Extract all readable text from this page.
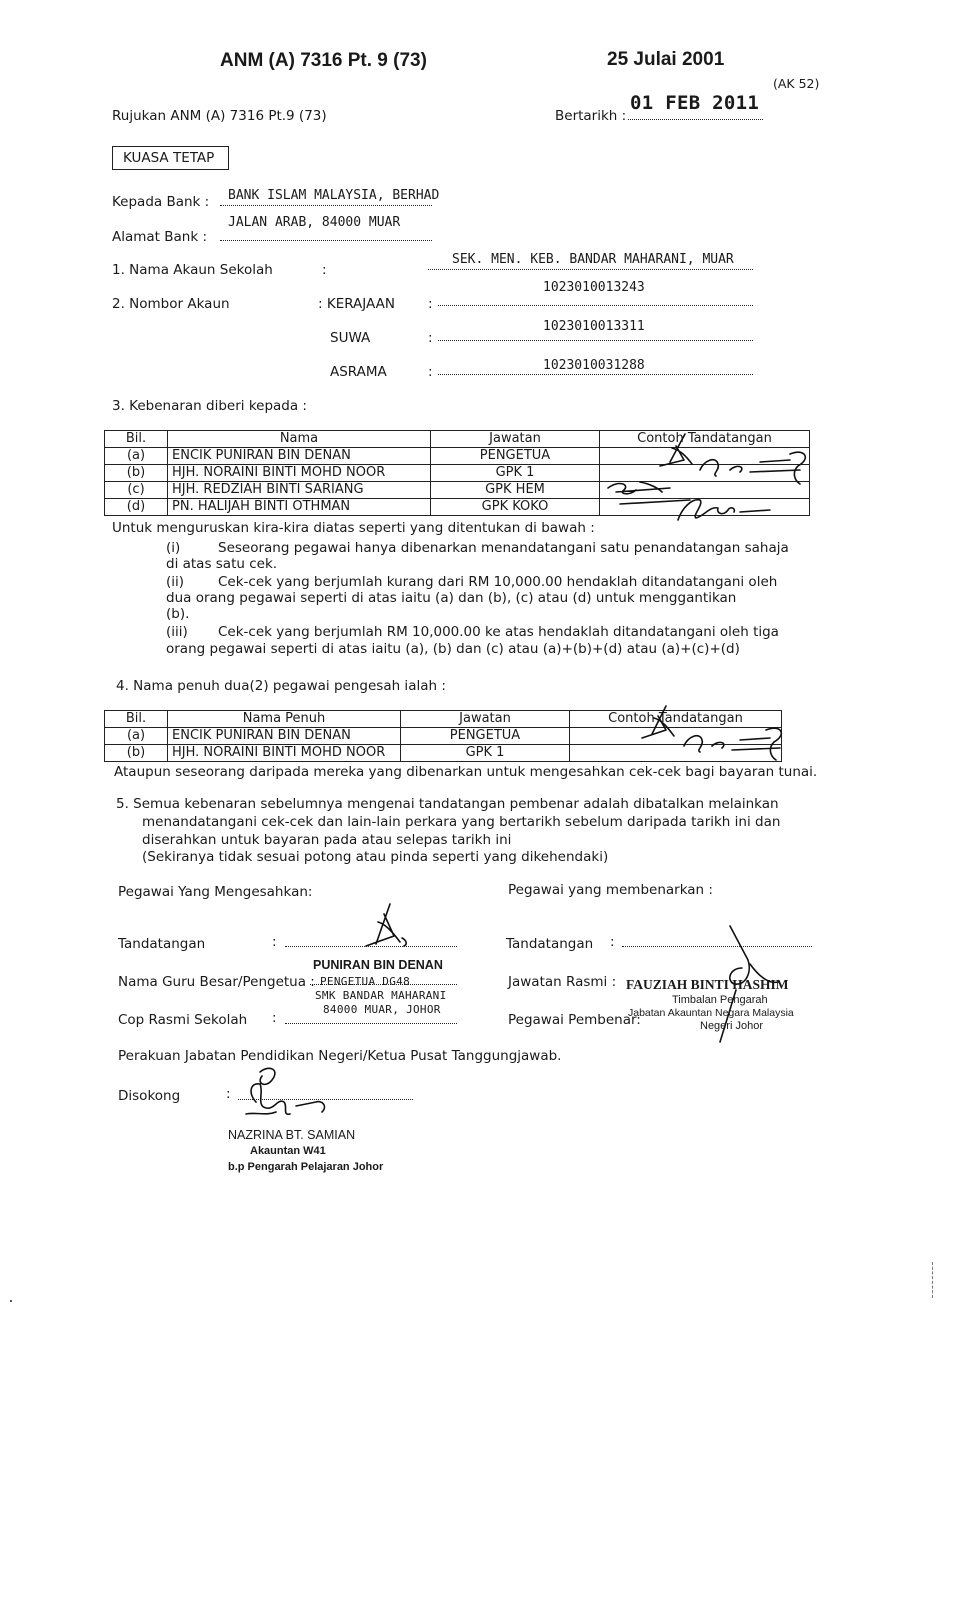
ANM (A) 7316 Pt. 9 (73)	25 Julai 2001
(AK 52)
Rujukan ANM (A) 7316 Pt.9 (73)	Bertarikh :
01 FEB 2011
KUASA TETAP
Kepada Bank : BANK ISLAM MALAYSIA, BERHAD
Alamat Bank :
JALAN ARAB, 84000 MUAR
1. Nama Akaun Sekolah	:
SEK. MEN. KEB. BANDAR MAHARANI, MUAR
2. Nombor Akaun	: KERAJAAN :
1023010013243
SUWA	:
1023010013311
ASRAMA	:	1023010031288
3. Kebenaran diberi kepada :
Bil.	Nama	Jawatan	Contoh Tandatangan
(a)	ENCIK PUNIRAN BIN DENAN	PENGETUA	
(b)	HJH. NORAINI BINTI MOHD NOOR	GPK 1	
(c)	HJH. REDZIAH BINTI SARIANG	GPK HEM	
(d)	PN. HALIJAH BINTI OTHMAN	GPK KOKO	
Untuk menguruskan kira-kira diatas seperti yang ditentukan di bawah :
(i)	Seseorang pegawai hanya dibenarkan menandatangani satu penandatangan sahaja
di atas satu cek.
(ii)	Cek-cek yang berjumlah kurang dari RM 10,000.00 hendaklah ditandatangani oleh
dua orang pegawai seperti di atas iaitu (a) dan (b), (c) atau (d) untuk menggantikan
(b).
(iii) Cek-cek yang berjumlah RM 10,000.00 ke atas hendaklah ditandatangani oleh tiga
orang pegawai seperti di atas iaitu (a), (b) dan (c) atau (a)+(b)+(d) atau (a)+(c)+(d)
4. Nama penuh dua(2) pegawai pengesah ialah :
Bil.	Nama Penuh	Jawatan	Contoh Tandatangan
(a)	ENCIK PUNIRAN BIN DENAN	PENGETUA	
(b)	HJH. NORAINI BINTI MOHD NOOR	GPK 1	
Ataupun seseorang daripada mereka yang dibenarkan untuk mengesahkan cek-cek bagi bayaran tunai.
5. Semua kebenaran sebelumnya mengenai tandatangan pembenar adalah dibatalkan melainkan
menandatangani cek-cek dan lain-lain perkara yang bertarikh sebelum daripada tarikh ini dan
diserahkan untuk bayaran pada atau selepas tarikh ini
(Sekiranya tidak sesuai potong atau pinda seperti yang dikehendaki)
Pegawai Yang Mengesahkan:	Pegawai yang membenarkan :
Tandatangan	:
Nama Guru Besar/Pengetua :
PUNIRAN BIN DENAN
PENGETUA DG48
SMK BANDAR MAHARANI
84000 MUAR, JOHOR
Cop Rasmi Sekolah :
Tandatangan :
Jawatan Rasmi :
Pegawai Pembenar:
FAUZIAH BINTI HASHIM
Timbalan Pengarah
Jabatan Akauntan Negara Malaysia
Negeri Johor
Perakuan Jabatan Pendidikan Negeri/Ketua Pusat Tanggungjawab.
Disokong	:
NAZRINA BT. SAMIAN
Akauntan W41
b.p Pengarah Pelajaran Johor
